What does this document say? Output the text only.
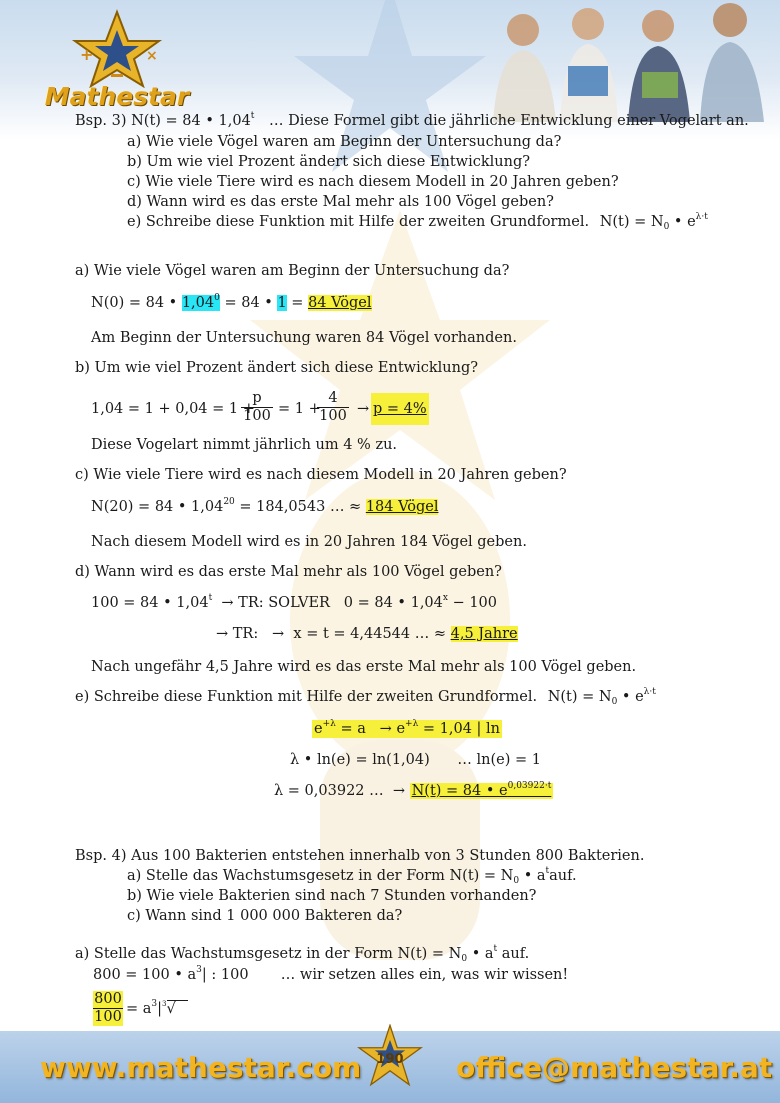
+	×
Mathestar
Bsp. 3) N(t) = 84 • 1,04$^t$ … Diese Formel gibt die jährliche Entwicklung einer Vogelart an.
a) Wie viele Vögel waren am Beginn der Untersuchung da?
b) Um wie viel Prozent ändert sich diese Entwicklung?
c) Wie viele Tiere wird es nach diesem Modell in 20 Jahren geben?
d) Wann wird es das erste Mal mehr als 100 Vögel geben?
e) Schreibe diese Funktion mit Hilfe der zweiten Grundformel. $N(t) = N_0$ • $e^{\lambda\cdot t}$
a) Wie viele Vögel waren am Beginn der Untersuchung da?
N(0) = 84 • $1,04^0 = 84$ • 1 = 84 Vögel
Am Beginn der Untersuchung waren 84 Vögel vorhanden.
b) Um wie viel Prozent ändert sich diese Entwicklung?
1,04 = 1 + 0,04 = 1 +
$\frac{p}{100} = 1$ +
$\frac{4}{100} \to p = 4\%$
Diese Vogelart nimmt jährlich um 4 % zu.
c) Wie viele Tiere wird es nach diesem Modell in 20 Jahren geben?
N(20) = 84 • $1,04^{20} = 184,0543$ … ≈ 184 Vögel
Nach diesem Modell wird es in 20 Jahren 184 Vögel geben.
d) Wann wird es das erste Mal mehr als 100 Vögel geben?
100 = 84 • 1,04$^t$  → TR: SOLVER   0 = 84 • $1,04^x - 100$
→ TR:   →  x = t = 4,44544 … ≈ 4,5 Jahre
Nach ungefähr 4,5 Jahre wird es das erste Mal mehr als 100 Vögel geben.
e) Schreibe diese Funktion mit Hilfe der zweiten Grundformel. $N(t) = N_0$ • $e^{\lambda\cdot t}$
$e^{+\lambda} = a \to e^{+\lambda} = 1,04$ | ln
λ • ln(e) = ln(1,04)      … ln(e) = 1
λ = 0,03922 …  → N(t) = 84 • $e^{0,03922\cdot t}$
Bsp. 4) Aus 100 Bakterien entstehen innerhalb von 3 Stunden 800 Bakterien.
a) Stelle das Wachstumsgesetz in der Form $N(t) = N_0$ • $a^tauf$.
b) Wie viele Bakterien sind nach 7 Stunden vorhanden?
c) Wann sind 1 000 000 Bakteren da?
a) Stelle das Wachstumsgesetz in der Form $N(t) = N_0$ • $a^t$ auf.
800 = 100 • $a^3|$ : 100       … wir setzen alles ein, was wir wissen!
$\frac{800}{100} = a^3|^3√$
www.mathestar.com	office@mathestar.at
190
